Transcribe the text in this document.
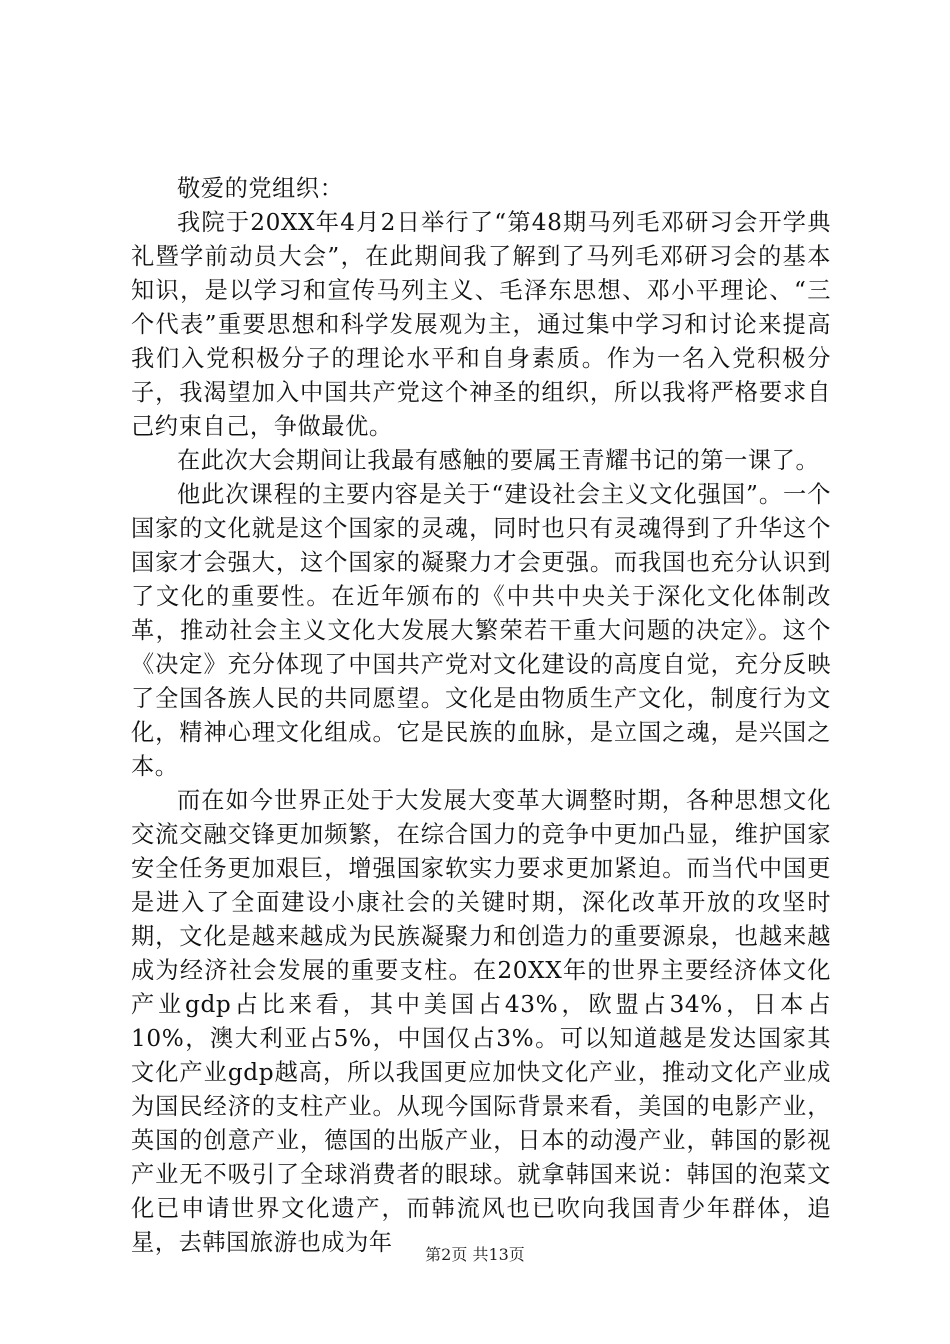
敬爱的党组织：

我院于20XX年4月2日举行了“第48期马列毛邓研习会开学典礼暨学前动员大会”，在此期间我了解到了马列毛邓研习会的基本知识，是以学习和宣传马列主义、毛泽东思想、邓小平理论、“三个代表”重要思想和科学发展观为主，通过集中学习和讨论来提高我们入党积极分子的理论水平和自身素质。作为一名入党积极分子，我渴望加入中国共产党这个神圣的组织，所以我将严格要求自己约束自己，争做最优。

在此次大会期间让我最有感触的要属王青耀书记的第一课了。

他此次课程的主要内容是关于“建设社会主义文化强国”。一个国家的文化就是这个国家的灵魂，同时也只有灵魂得到了升华这个国家才会强大，这个国家的凝聚力才会更强。而我国也充分认识到了文化的重要性。在近年颁布的《中共中央关于深化文化体制改革，推动社会主义文化大发展大繁荣若干重大问题的决定》。这个《决定》充分体现了中国共产党对文化建设的高度自觉，充分反映了全国各族人民的共同愿望。文化是由物质生产文化，制度行为文化，精神心理文化组成。它是民族的血脉，是立国之魂，是兴国之本。

而在如今世界正处于大发展大变革大调整时期，各种思想文化交流交融交锋更加频繁，在综合国力的竞争中更加凸显，维护国家安全任务更加艰巨，增强国家软实力要求更加紧迫。而当代中国更是进入了全面建设小康社会的关键时期，深化改革开放的攻坚时期，文化是越来越成为民族凝聚力和创造力的重要源泉，也越来越成为经济社会发展的重要支柱。在20XX年的世界主要经济体文化产业gdp占比来看，其中美国占43%，欧盟占34%，日本占10%，澳大利亚占5%，中国仅占3%。可以知道越是发达国家其文化产业gdp越高，所以我国更应加快文化产业，推动文化产业成为国民经济的支柱产业。从现今国际背景来看，美国的电影产业，英国的创意产业，德国的出版产业，日本的动漫产业，韩国的影视产业无不吸引了全球消费者的眼球。就拿韩国来说：韩国的泡菜文化已申请世界文化遗产，而韩流风也已吹向我国青少年群体，追星，去韩国旅游也成为年	第2页 共13页
